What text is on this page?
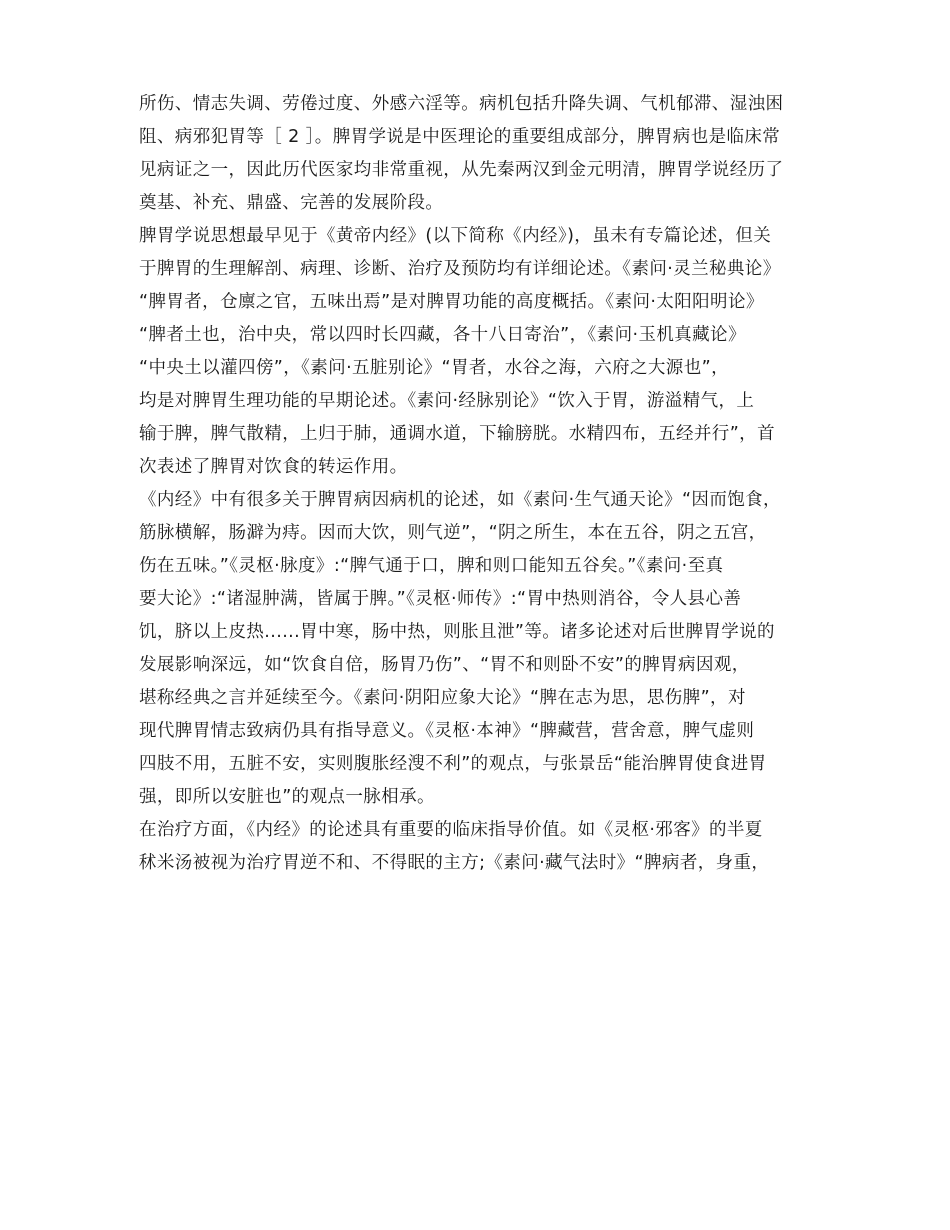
所伤、情志失调、劳倦过度、外感六淫等。病机包括升降失调、气机郁滞、湿浊困
阻、病邪犯胃等［ 2 ］。脾胃学说是中医理论的重要组成部分，脾胃病也是临床常
见病证之一，因此历代医家均非常重视，从先秦两汉到金元明清，脾胃学说经历了
奠基、补充、鼎盛、完善的发展阶段。
脾胃学说思想最早见于《黄帝内经》(以下简称《内经》)，虽未有专篇论述，但关
于脾胃的生理解剖、病理、诊断、治疗及预防均有详细论述。《素问·灵兰秘典论》
“脾胃者，仓廪之官，五味出焉”是对脾胃功能的高度概括。《素问·太阳阳明论》
“脾者土也，治中央，常以四时长四藏，各十八日寄治”，《素问·玉机真藏论》
“中央土以灌四傍”，《素问·五脏别论》“胃者，水谷之海，六府之大源也”，
均是对脾胃生理功能的早期论述。《素问·经脉别论》“饮入于胃，游溢精气，上
输于脾，脾气散精，上归于肺，通调水道，下输膀胱。水精四布，五经并行”，首
次表述了脾胃对饮食的转运作用。
《内经》中有很多关于脾胃病因病机的论述，如《素问·生气通天论》“因而饱食，
筋脉横解，肠澼为痔。因而大饮，则气逆”，“阴之所生，本在五谷，阴之五宫，
伤在五味。”《灵枢·脉度》:“脾气通于口，脾和则口能知五谷矣。”《素问·至真
要大论》:“诸湿肿满，皆属于脾。”《灵枢·师传》:“胃中热则消谷，令人县心善
饥，脐以上皮热......胃中寒，肠中热，则胀且泄”等。诸多论述对后世脾胃学说的
发展影响深远，如“饮食自倍，肠胃乃伤”、“胃不和则卧不安”的脾胃病因观，
堪称经典之言并延续至今。《素问·阴阳应象大论》“脾在志为思，思伤脾”，对
现代脾胃情志致病仍具有指导意义。《灵枢·本神》“脾藏营，营舍意，脾气虚则
四肢不用，五脏不安，实则腹胀经溲不利”的观点，与张景岳“能治脾胃使食进胃
强，即所以安脏也”的观点一脉相承。
在治疗方面，《内经》的论述具有重要的临床指导价值。如《灵枢·邪客》的半夏
秫米汤被视为治疗胃逆不和、不得眠的主方;《素问·藏气法时》“脾病者，身重，
